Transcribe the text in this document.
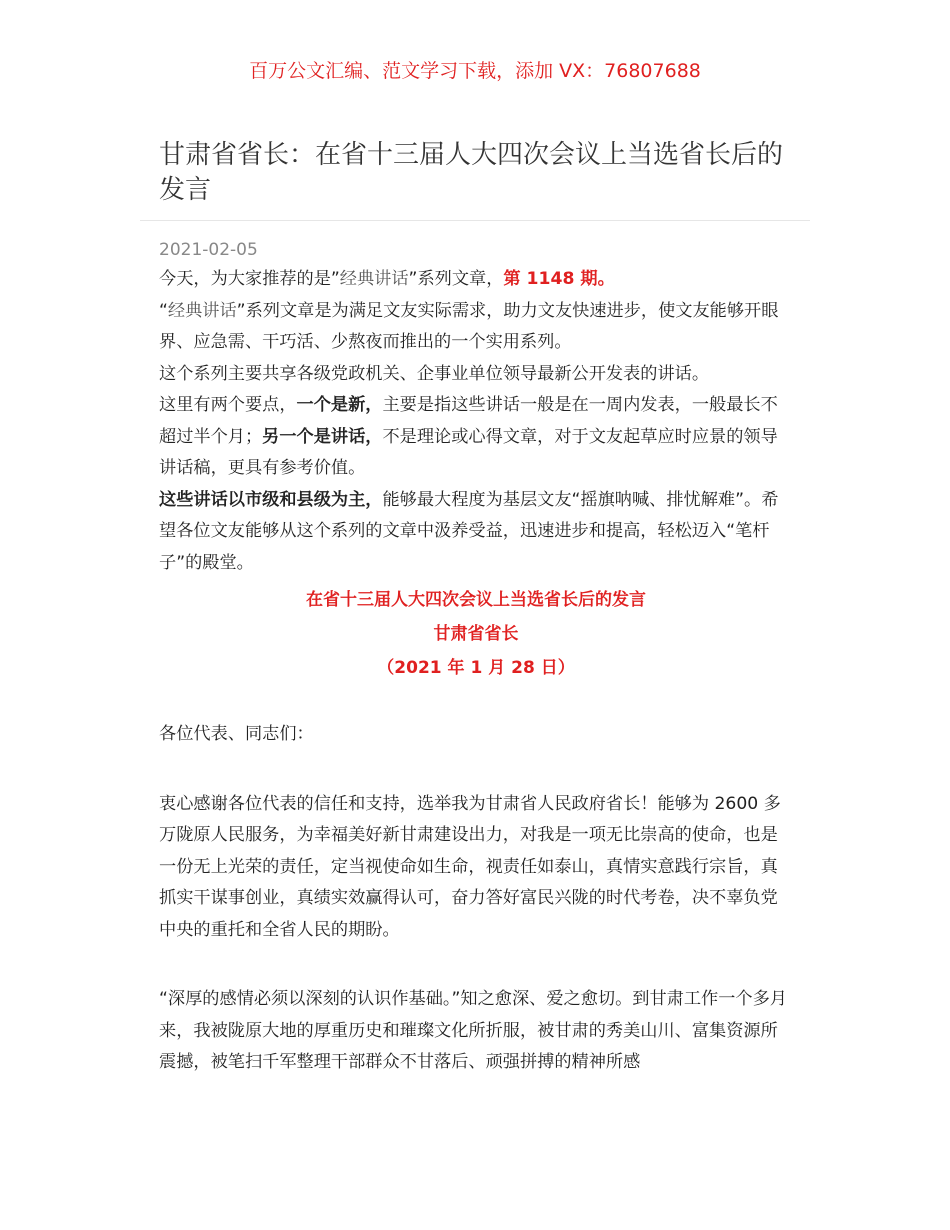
百万公文汇编、范文学习下载，添加 VX：76807688
甘肃省省长：在省十三届人大四次会议上当选省长后的发言
2021-02-05

今天，为大家推荐的是”经典讲话”系列文章，第 1148 期。

“经典讲话”系列文章是为满足文友实际需求，助力文友快速进步，使文友能够开眼界、应急需、干巧活、少熬夜而推出的一个实用系列。

这个系列主要共享各级党政机关、企事业单位领导最新公开发表的讲话。

这里有两个要点，一个是新，主要是指这些讲话一般是在一周内发表，一般最长不超过半个月；另一个是讲话，不是理论或心得文章，对于文友起草应时应景的领导讲话稿，更具有参考价值。

这些讲话以市级和县级为主，能够最大程度为基层文友“摇旗呐喊、排忧解难”。希望各位文友能够从这个系列的文章中汲养受益，迅速进步和提高，轻松迈入“笔杆子”的殿堂。

在省十三届人大四次会议上当选省长后的发言
甘肃省省长
（2021 年 1 月 28 日）

各位代表、同志们：

衷心感谢各位代表的信任和支持，选举我为甘肃省人民政府省长！能够为 2600 多万陇原人民服务，为幸福美好新甘肃建设出力，对我是一项无比崇高的使命，也是一份无上光荣的责任，定当视使命如生命，视责任如泰山，真情实意践行宗旨，真抓实干谋事创业，真绩实效赢得认可，奋力答好富民兴陇的时代考卷，决不辜负党中央的重托和全省人民的期盼。

“深厚的感情必须以深刻的认识作基础。”知之愈深、爱之愈切。到甘肃工作一个多月来，我被陇原大地的厚重历史和璀璨文化所折服，被甘肃的秀美山川、富集资源所震撼，被笔扫千军整理干部群众不甘落后、顽强拼搏的精神所感
